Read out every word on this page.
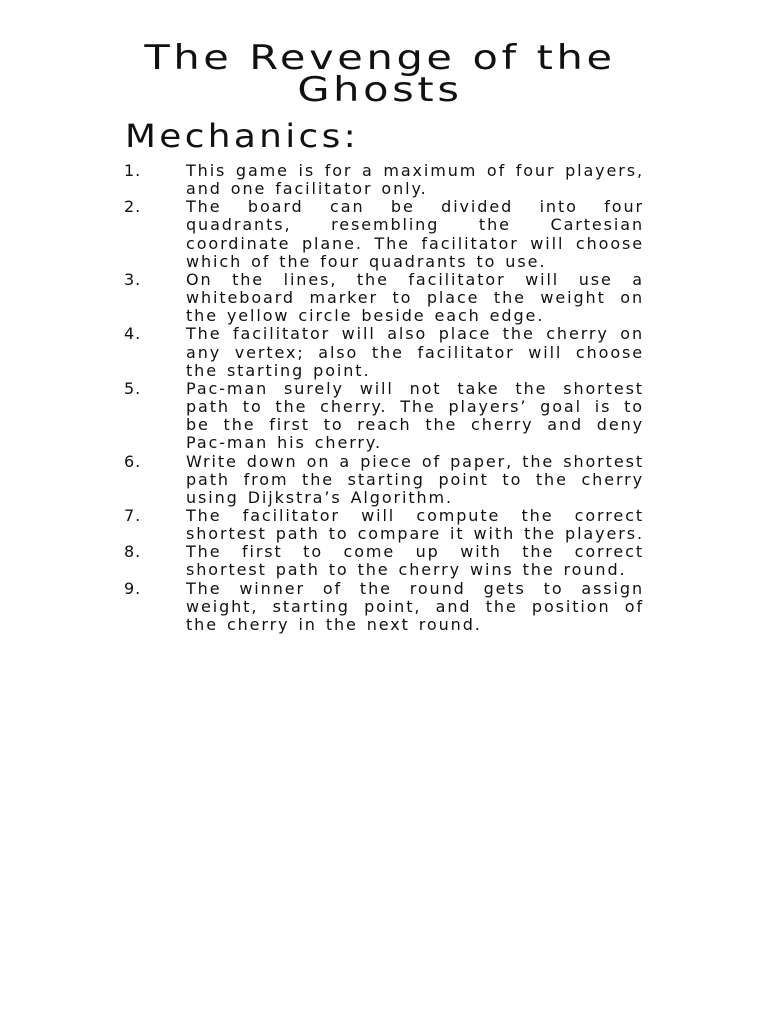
The Revenge of the Ghosts
Mechanics:
1.	This game is for a maximum of four players, and one facilitator only.
2.	The board can be divided into four quadrants, resembling the Cartesian coordinate plane. The facilitator will choose which of the four quadrants to use.
3.	On the lines, the facilitator will use a whiteboard marker to place the weight on the yellow circle beside each edge.
4.	The facilitator will also place the cherry on any vertex; also the facilitator will choose the starting point.
5.	Pac-man surely will not take the shortest path to the cherry. The players’ goal is to be the first to reach the cherry and deny Pac-man his cherry.
6.	Write down on a piece of paper, the shortest path from the starting point to the cherry using Dijkstra’s Algorithm.
7.	The facilitator will compute the correct shortest path to compare it with the players.
8.	The first to come up with the correct shortest path to the cherry wins the round.
9.	The winner of the round gets to assign weight, starting point, and the position of the cherry in the next round.
